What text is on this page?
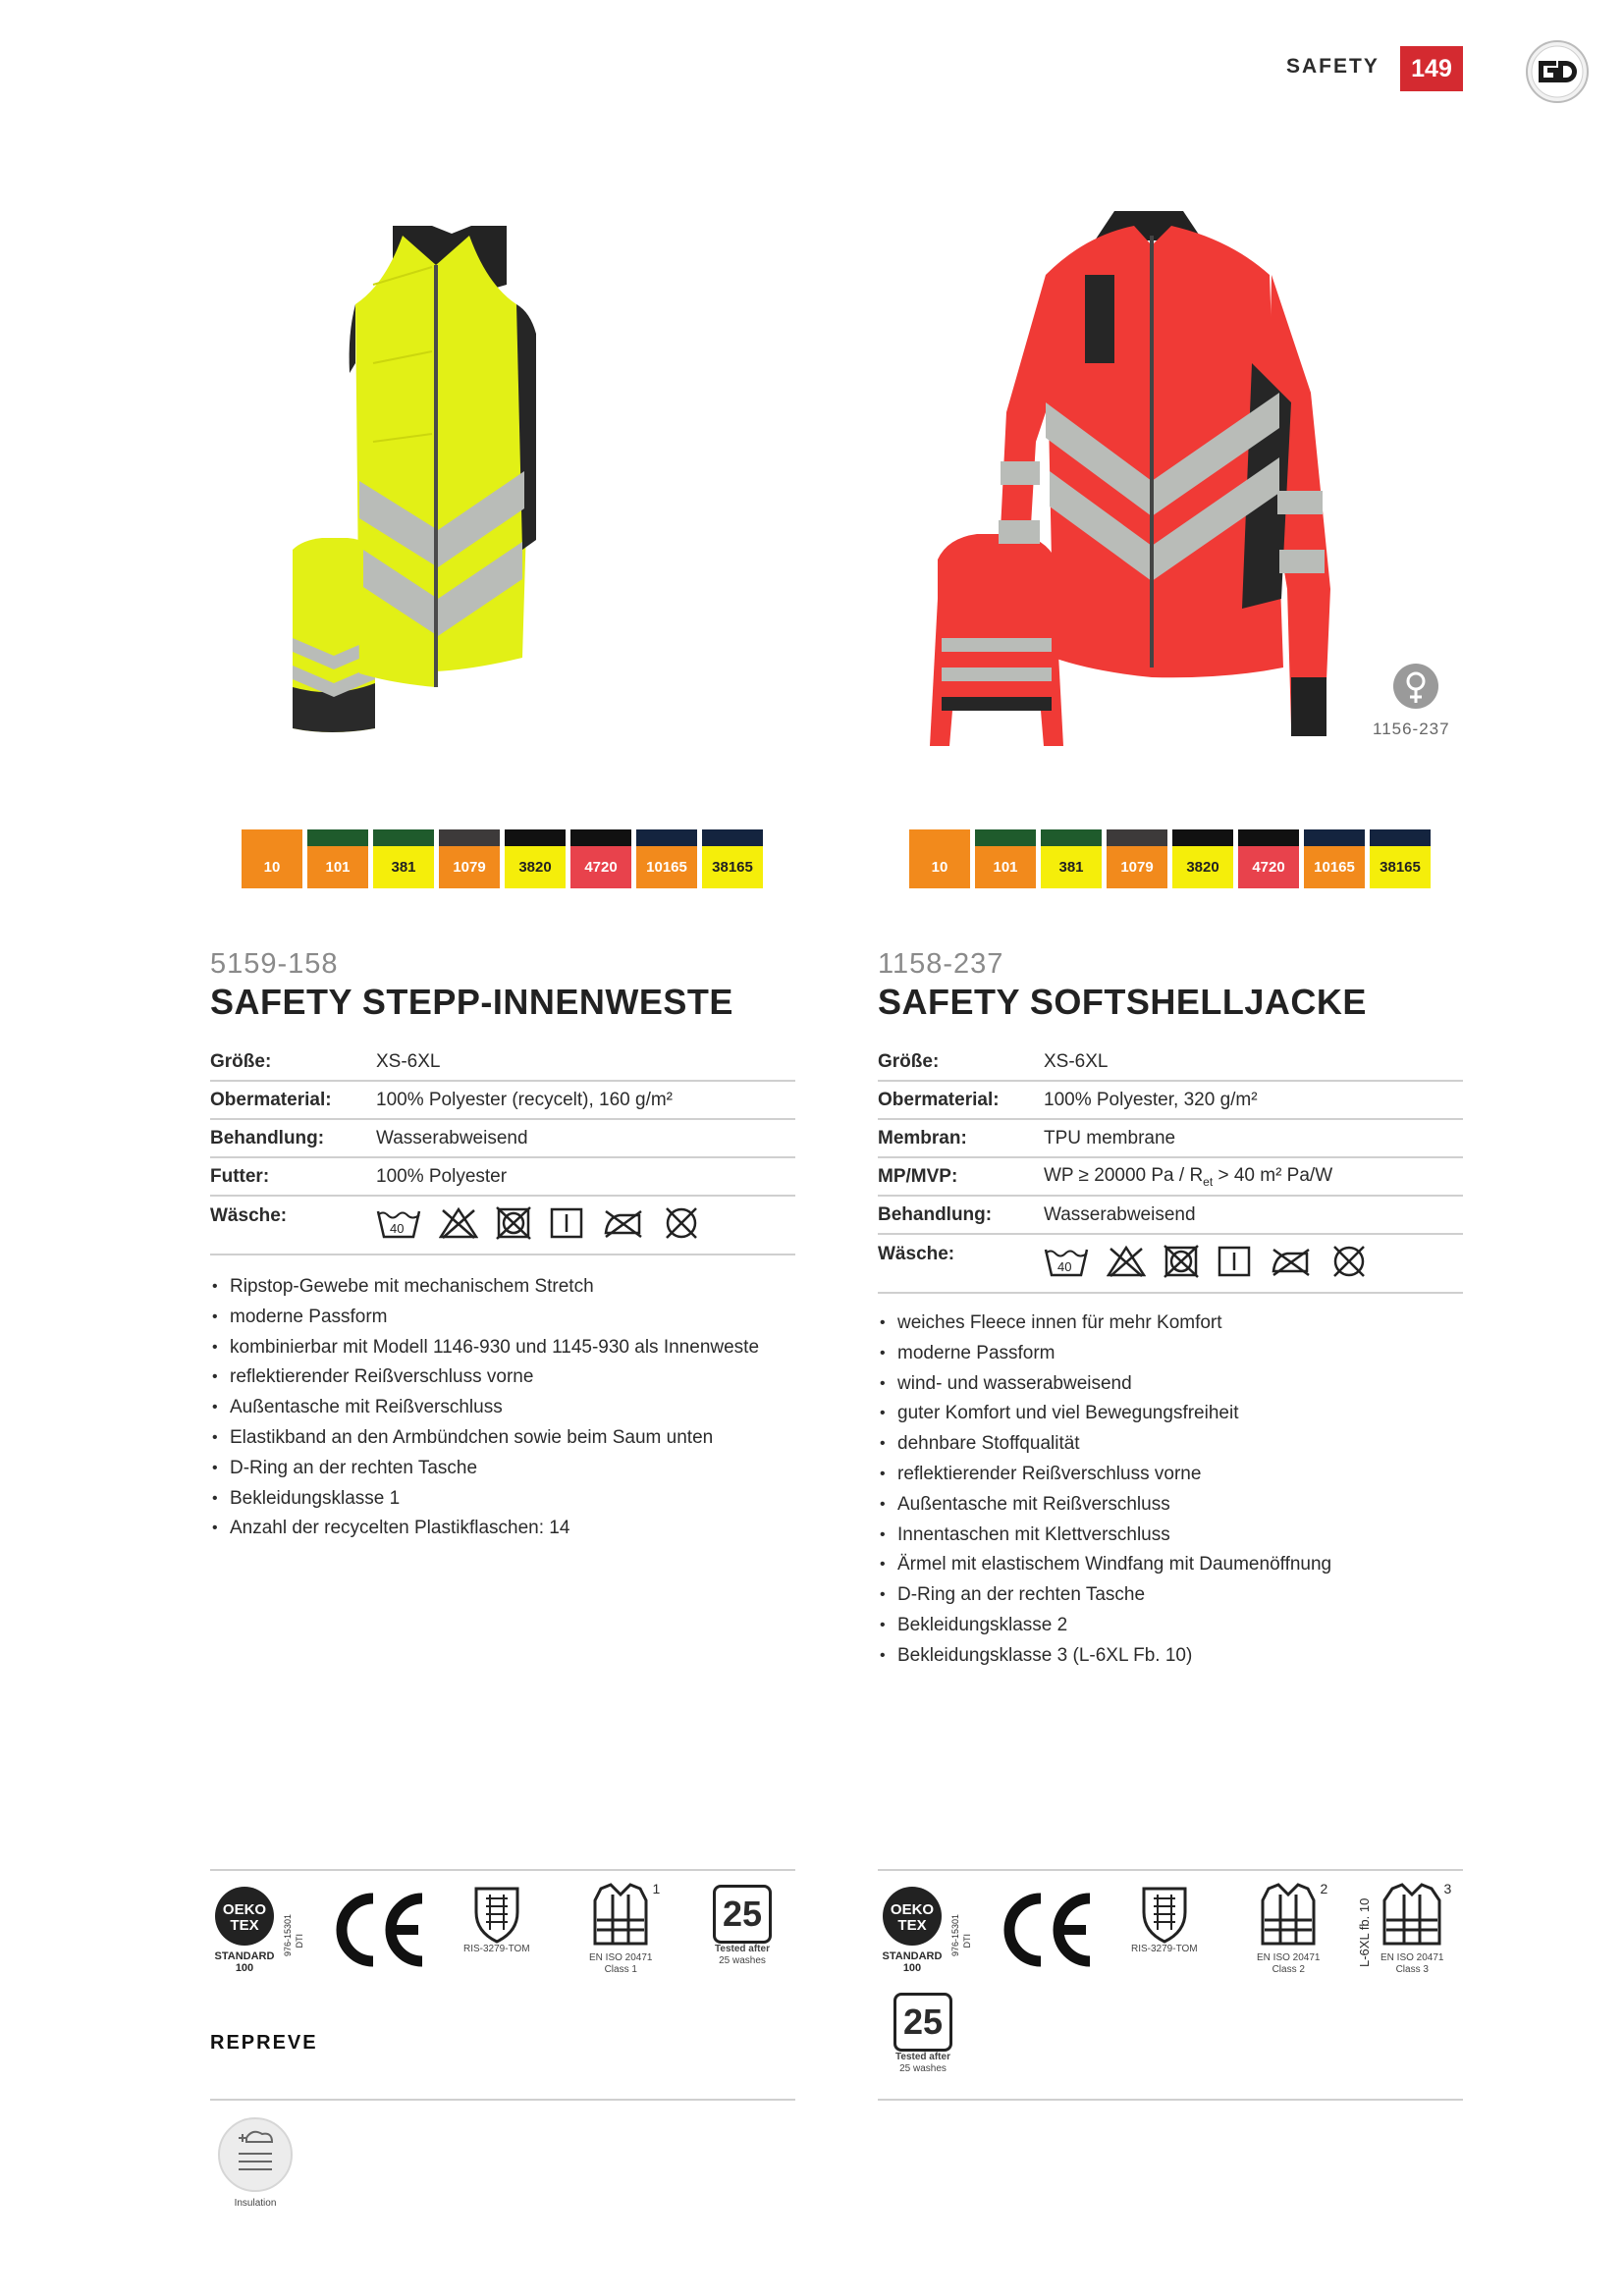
SAFETY	149
1156-237
10	101	381	1079	3820	4720	10165	38165
5159-158
SAFETY STEPP-INNENWESTE
Größe:	XS-6XL
Obermaterial:	100% Polyester (recycelt), 160 g/m²
Behandlung:	Wasserabweisend
Futter:	100% Polyester
Wäsche:
40
• Ripstop-Gewebe mit mechanischem Stretch
• moderne Passform
• kombinierbar mit Modell 1146-930 und 1145-930 als Innenweste
• reflektierender Reißverschluss vorne
• Außentasche mit Reißverschluss
• Elastikband an den Armbündchen sowie beim Saum unten
• D-Ring an der rechten Tasche
• Bekleidungsklasse 1
• Anzahl der recycelten Plastikflaschen: 14
OEKO
TEX
STANDARD
100
976-15301 DTI
RIS-3279-TOM
1
EN ISO 20471
Class 1
25
Tested after
25 washes
REPREVE
Insulation
10	101	381	1079	3820	4720	10165	38165
1158-237
SAFETY SOFTSHELLJACKE
Größe:	XS-6XL
Obermaterial:	100% Polyester, 320 g/m²
Membran:	TPU membrane
MP/MVP:	WP ≥ 20000 $Pa / R_{et} > 40$ m² Pa/W
Behandlung:	Wasserabweisend
Wäsche:
40
• weiches Fleece innen für mehr Komfort
• moderne Passform
• wind- und wasserabweisend
• guter Komfort und viel Bewegungsfreiheit
• dehnbare Stoffqualität
• reflektierender Reißverschluss vorne
• Außentasche mit Reißverschluss
• Innentaschen mit Klettverschluss
• Ärmel mit elastischem Windfang mit Daumenöffnung
• D-Ring an der rechten Tasche
• Bekleidungsklasse 2
• Bekleidungsklasse 3 (L-6XL Fb. 10)
OEKO
TEX
STANDARD
100
976-15301 DTI
RIS-3279-TOM
2
EN ISO 20471
Class 2
L-6XL fb. 10
3
EN ISO 20471
Class 3
25
Tested after
25 washes
